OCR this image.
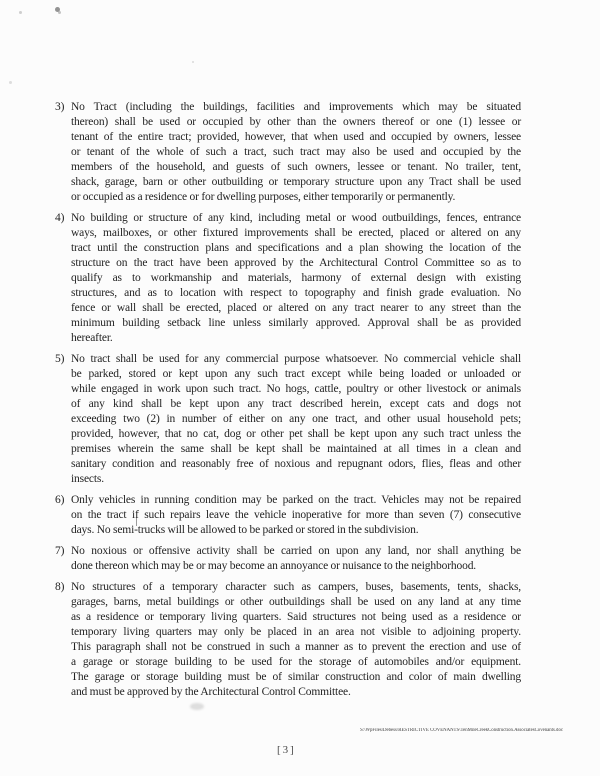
3) No Tract (including the buildings, facilities and improvements which may be situated
thereon) shall be used or occupied by other than the owners thereof or one (1) lessee or
tenant of the entire tract; provided, however, that when used and occupied by owners, lessee
or tenant of the whole of such a tract, such tract may also be used and occupied by the
members of the household, and guests of such owners, lessee or tenant. No trailer, tent,
shack, garage, barn or other outbuilding or temporary structure upon any Tract shall be used
or occupied as a residence or for dwelling purposes, either temporarily or permanently.
4) No building or structure of any kind, including metal or wood outbuildings, fences, entrance
ways, mailboxes, or other fixtured improvements shall be erected, placed or altered on any
tract until the construction plans and specifications and a plan showing the location of the
structure on the tract have been approved by the Architectural Control Committee so as to
qualify as to workmanship and materials, harmony of external design with existing
structures, and as to location with respect to topography and finish grade evaluation. No
fence or wall shall be erected, placed or altered on any tract nearer to any street than the
minimum building setback line unless similarly approved. Approval shall be as provided
hereafter.
5) No tract shall be used for any commercial purpose whatsoever. No commercial vehicle shall
be parked, stored or kept upon any such tract except while being loaded or unloaded or
while engaged in work upon such tract. No hogs, cattle, poultry or other livestock or animals
of any kind shall be kept upon any tract described herein, except cats and dogs not
exceeding two (2) in number of either on any one tract, and other usual household pets;
provided, however, that no cat, dog or other pet shall be kept upon any such tract unless the
premises wherein the same shall be kept shall be maintained at all times in a clean and
sanitary condition and reasonably free of noxious and repugnant odors, flies, fleas and other
insects.
6) Only vehicles in running condition may be parked on the tract. Vehicles may not be repaired
on the tract if such repairs leave the vehicle inoperative for more than seven (7) consecutive
days. No semi-trucks will be allowed to be parked or stored in the subdivision.
7) No noxious or offensive activity shall be carried on upon any land, nor shall anything be
done thereon which may be or may become an annoyance or nuisance to the neighborhood.
8) No structures of a temporary character such as campers, buses, basements, tents, shacks,
garages, barns, metal buildings or other outbuildings shall be used on any land at any time
as a residence or temporary living quarters. Said structures not being used as a residence or
temporary living quarters may only be placed in an area not visible to adjoining property.
This paragraph shall not be construed in such a manner as to prevent the erection and use of
a garage or storage building to be used for the storage of automobiles and/or equipment.
The garage or storage building must be of similar construction and color of main dwelling
and must be approved by the Architectural Control Committee.
S:\WpFiles\Debess\RESTRICTIVE COVENANTS\TenMileCreekConstruction.AssociatesCovenants.doc
[3]
